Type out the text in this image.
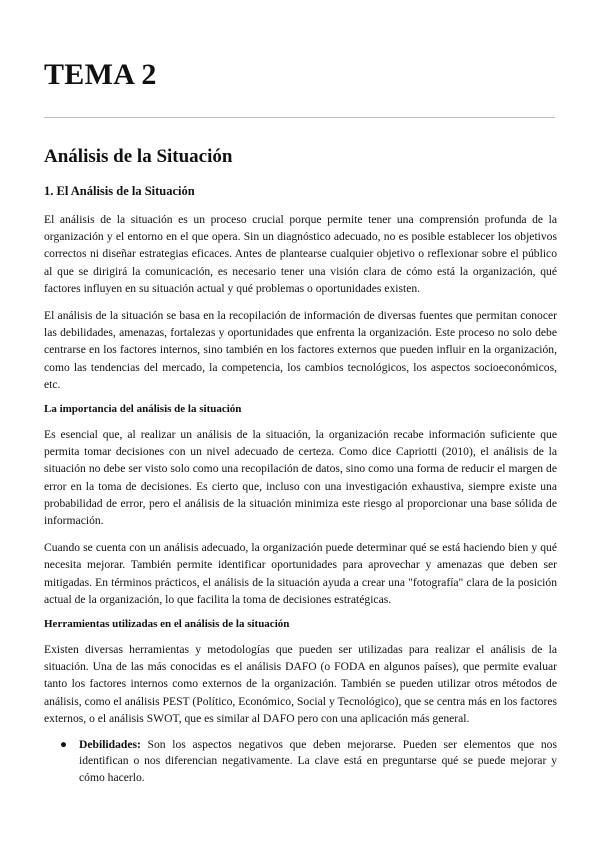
TEMA 2
Análisis de la Situación
1. El Análisis de la Situación

El análisis de la situación es un proceso crucial porque permite tener una comprensión profunda de la organización y el entorno en el que opera. Sin un diagnóstico adecuado, no es posible establecer los objetivos correctos ni diseñar estrategias eficaces. Antes de plantearse cualquier objetivo o reflexionar sobre el público al que se dirigirá la comunicación, es necesario tener una visión clara de cómo está la organización, qué factores influyen en su situación actual y qué problemas o oportunidades existen.

El análisis de la situación se basa en la recopilación de información de diversas fuentes que permitan conocer las debilidades, amenazas, fortalezas y oportunidades que enfrenta la organización. Este proceso no solo debe centrarse en los factores internos, sino también en los factores externos que pueden influir en la organización, como las tendencias del mercado, la competencia, los cambios tecnológicos, los aspectos socioeconómicos, etc.

La importancia del análisis de la situación

Es esencial que, al realizar un análisis de la situación, la organización recabe información suficiente que permita tomar decisiones con un nivel adecuado de certeza. Como dice Capriotti (2010), el análisis de la situación no debe ser visto solo como una recopilación de datos, sino como una forma de reducir el margen de error en la toma de decisiones. Es cierto que, incluso con una investigación exhaustiva, siempre existe una probabilidad de error, pero el análisis de la situación minimiza este riesgo al proporcionar una base sólida de información.

Cuando se cuenta con un análisis adecuado, la organización puede determinar qué se está haciendo bien y qué necesita mejorar. También permite identificar oportunidades para aprovechar y amenazas que deben ser mitigadas. En términos prácticos, el análisis de la situación ayuda a crear una "fotografía" clara de la posición actual de la organización, lo que facilita la toma de decisiones estratégicas.

Herramientas utilizadas en el análisis de la situación

Existen diversas herramientas y metodologías que pueden ser utilizadas para realizar el análisis de la situación. Una de las más conocidas es el análisis DAFO (o FODA en algunos países), que permite evaluar tanto los factores internos como externos de la organización. También se pueden utilizar otros métodos de análisis, como el análisis PEST (Político, Económico, Social y Tecnológico), que se centra más en los factores externos, o el análisis SWOT, que es similar al DAFO pero con una aplicación más general.

● Debilidades: Son los aspectos negativos que deben mejorarse. Pueden ser elementos que nos identifican o nos diferencian negativamente. La clave está en preguntarse qué se puede mejorar y cómo hacerlo.
